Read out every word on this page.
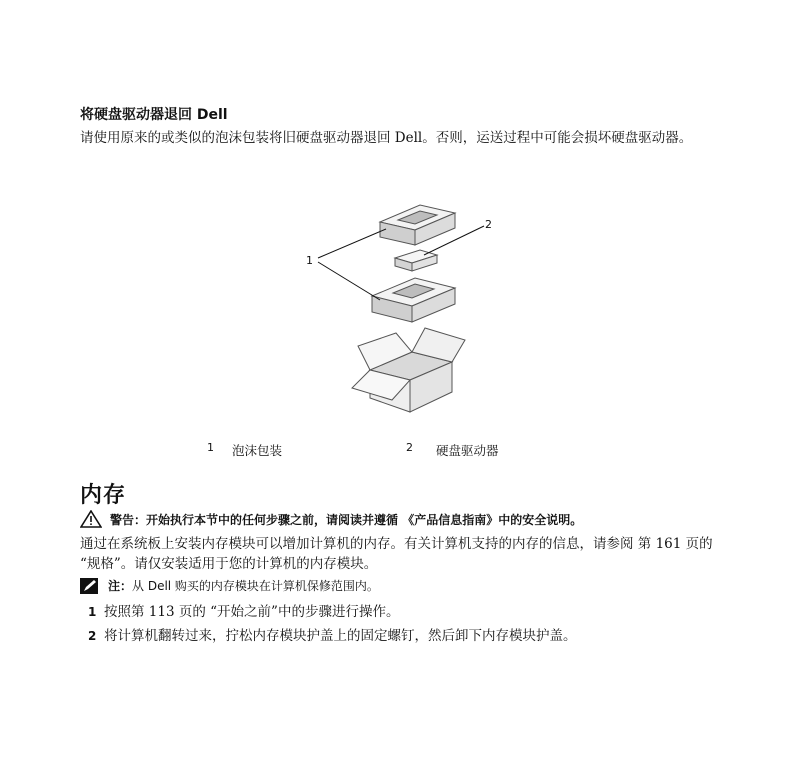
将硬盘驱动器退回 Dell
请使用原来的或类似的泡沫包装将旧硬盘驱动器退回 Dell。否则，运送过程中可能会损坏硬盘驱动器。
1
2
1 泡沫包装	2 硬盘驱动器
内存
警告： 开始执行本节中的任何步骤之前，请阅读并遵循 《产品信息指南》中的安全说明。
通过在系统板上安装内存模块可以增加计算机的内存。有关计算机支持的内存的信息，请参阅 第 161 页的 “规格”。请仅安装适用于您的计算机的内存模块。
注： 从 Dell 购买的内存模块在计算机保修范围内。
1 按照第 113 页的 “开始之前”中的步骤进行操作。
2 将计算机翻转过来，拧松内存模块护盖上的固定螺钉，然后卸下内存模块护盖。
